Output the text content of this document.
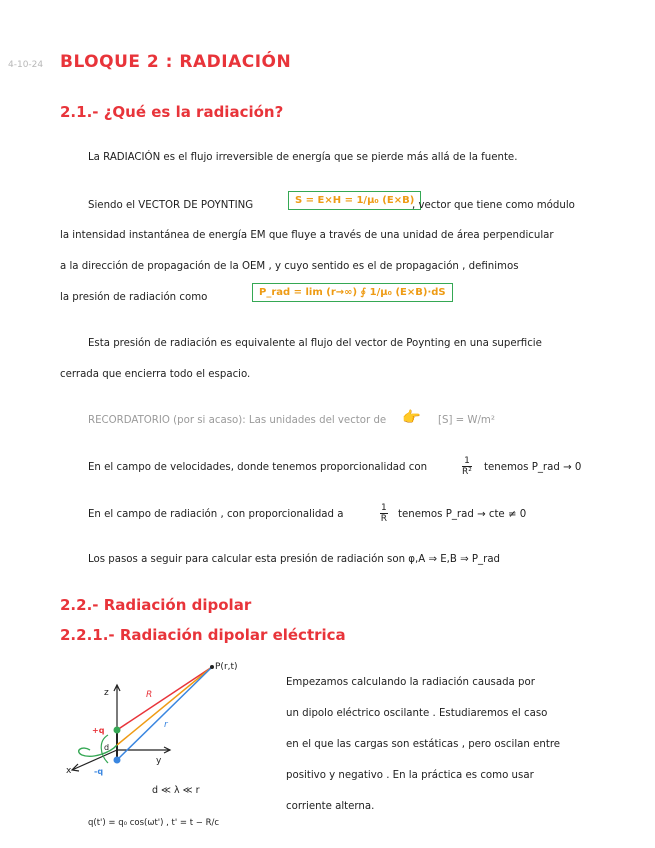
4-10-24 BLOQUE 2 : RADIACIÓN
2.1.- ¿Qué es la radiación?
La RADIACIÓN es el flujo irreversible de energía que se pierde más allá de la fuente.
Siendo el VECTOR DE POYNTING	S = E×H = 1/μ₀ (E×B)
, vector que tiene como módulo
la intensidad instantánea de energía EM que fluye a través de una unidad de área perpendicular
a la dirección de propagación de la OEM , y cuyo sentido es el de propagación , definimos
la presión de radiación como	P_rad = lim (r→∞) ∮ 1/μ₀ (E×B)·dS
Esta presión de radiación es equivalente al flujo del vector de Poynting en una superficie
cerrada que encierra todo el espacio.
RECORDATORIO (por si acaso): Las unidades del vector de 👉 [S] = W/m²
En el campo de velocidades, donde tenemos proporcionalidad con	$\frac{1}{\text{R²}}$ tenemos P_rad → 0
En el campo de radiación , con proporcionalidad a	$\frac{1}{R}$ tenemos P_rad → cte ≠ 0
Los pasos a seguir para calcular esta presión de radiación son φ,A ⇒ E,B ⇒ P_rad
2.2.- Radiación dipolar
2.2.1.- Radiación dipolar eléctrica
z
y
x
+q
-q
d
R
r
P(r,t)
d ≪ λ ≪ r
q(t') = q₀ cos(ωt') , t' = t − R/c
Empezamos calculando la radiación causada por
un dipolo eléctrico oscilante . Estudiaremos el caso
en el que las cargas son estáticas , pero oscilan entre
positivo y negativo . En la práctica es como usar
corriente alterna.
